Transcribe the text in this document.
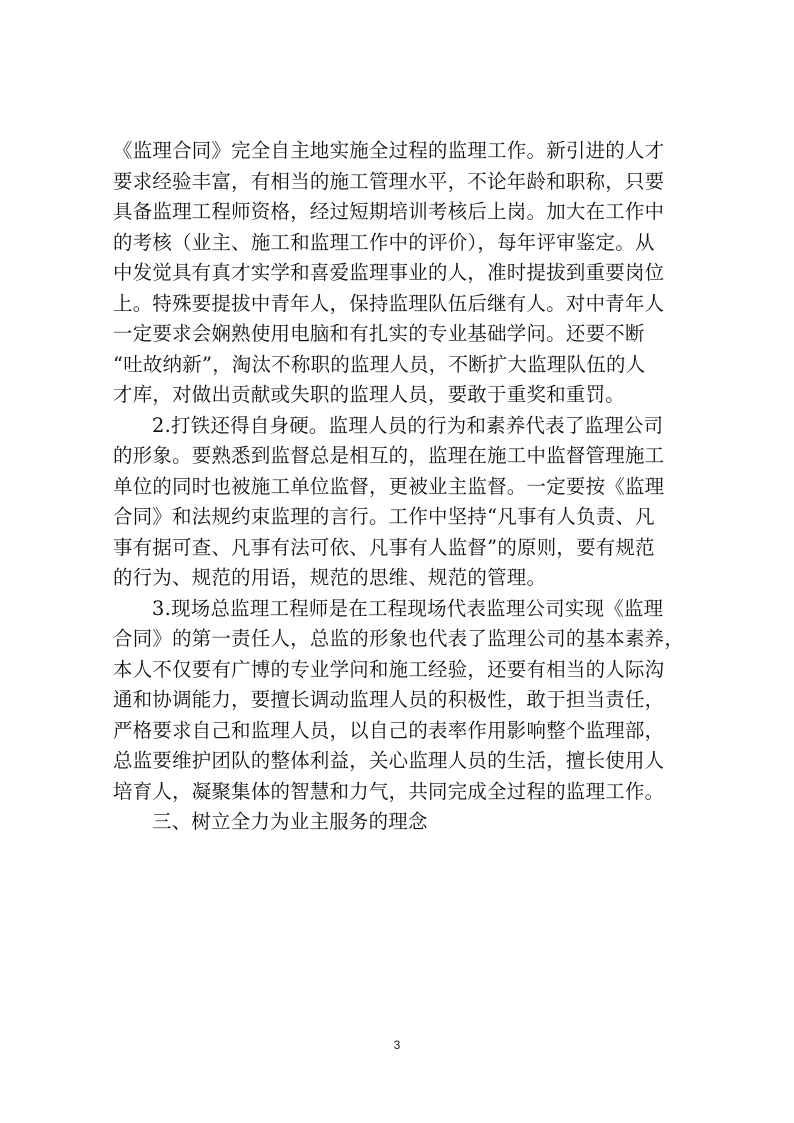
《监理合同》完全自主地实施全过程的监理工作。新引进的人才
要求经验丰富，有相当的施工管理水平，不论年龄和职称，只要
具备监理工程师资格，经过短期培训考核后上岗。加大在工作中
的考核（业主、施工和监理工作中的评价），每年评审鉴定。从
中发觉具有真才实学和喜爱监理事业的人，准时提拔到重要岗位
上。特殊要提拔中青年人，保持监理队伍后继有人。对中青年人
一定要求会娴熟使用电脑和有扎实的专业基础学问。还要不断
“吐故纳新”，淘汰不称职的监理人员，不断扩大监理队伍的人
才库，对做出贡献或失职的监理人员，要敢于重奖和重罚。
2.打铁还得自身硬。监理人员的行为和素养代表了监理公司
的形象。要熟悉到监督总是相互的，监理在施工中监督管理施工
单位的同时也被施工单位监督，更被业主监督。一定要按《监理
合同》和法规约束监理的言行。工作中坚持“凡事有人负责、凡
事有据可查、凡事有法可依、凡事有人监督”的原则，要有规范
的行为、规范的用语，规范的思维、规范的管理。
3.现场总监理工程师是在工程现场代表监理公司实现《监理
合同》的第一责任人，总监的形象也代表了监理公司的基本素养，
本人不仅要有广博的专业学问和施工经验，还要有相当的人际沟
通和协调能力，要擅长调动监理人员的积极性，敢于担当责任，
严格要求自己和监理人员，以自己的表率作用影响整个监理部，
总监要维护团队的整体利益，关心监理人员的生活，擅长使用人
培育人，凝聚集体的智慧和力气，共同完成全过程的监理工作。
三、树立全力为业主服务的理念
3
